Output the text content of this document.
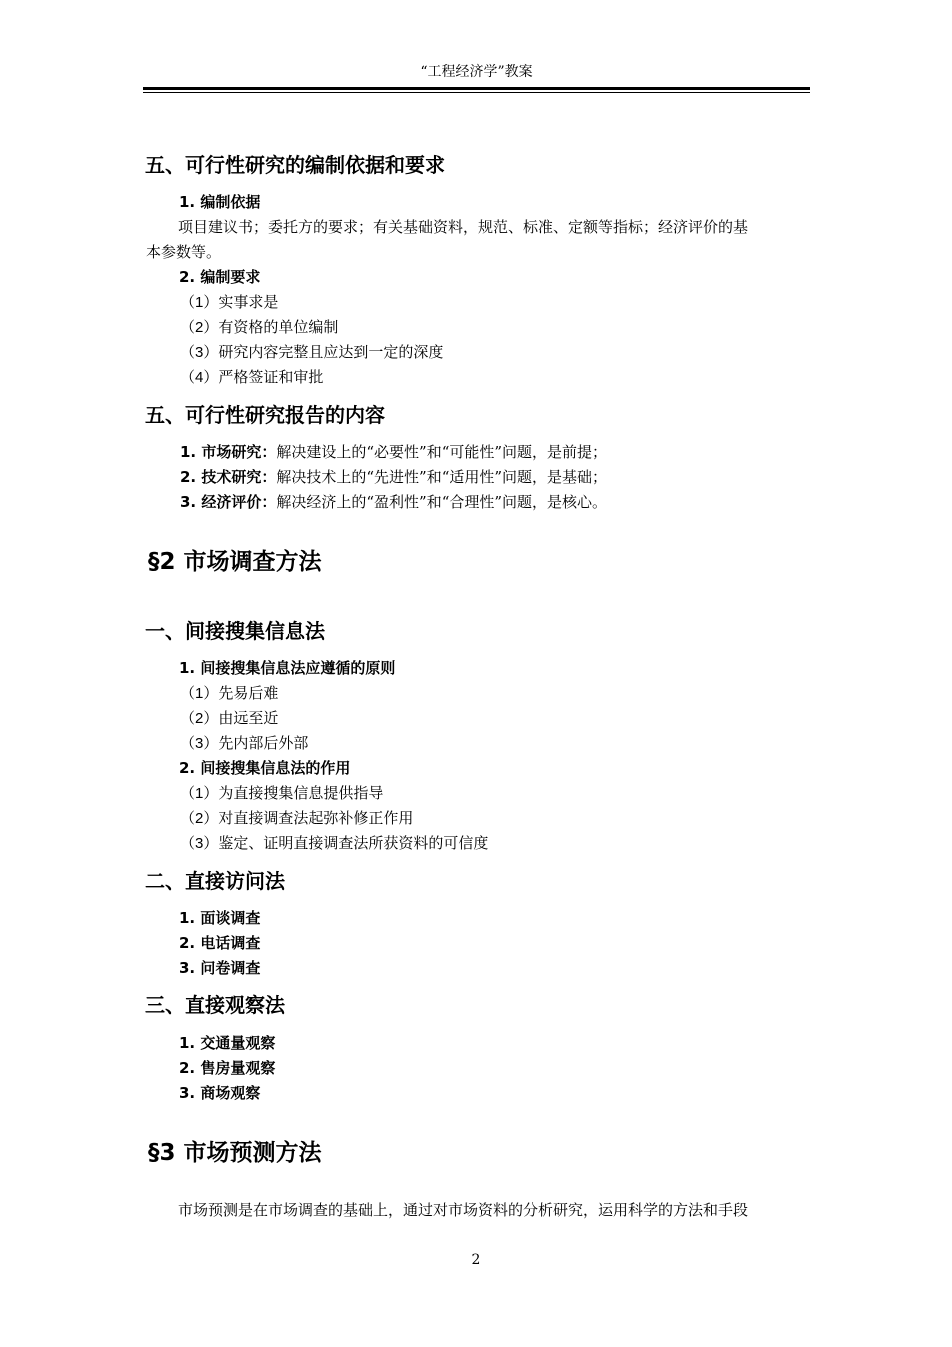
“工程经济学”教案
五、可行性研究的编制依据和要求
1. 编制依据
项目建议书；委托方的要求；有关基础资料，规范、标准、定额等指标；经济评价的基
本参数等。
2. 编制要求
（1）实事求是
（2）有资格的单位编制
（3）研究内容完整且应达到一定的深度
（4）严格签证和审批
五、可行性研究报告的内容
1. 市场研究：解决建设上的“必要性”和“可能性”问题，是前提；
2. 技术研究：解决技术上的“先进性”和“适用性”问题，是基础；
3. 经济评价：解决经济上的“盈利性”和“合理性”问题，是核心。
§2 市场调查方法
一、间接搜集信息法
1. 间接搜集信息法应遵循的原则
（1）先易后难
（2）由远至近
（3）先内部后外部
2. 间接搜集信息法的作用
（1）为直接搜集信息提供指导
（2）对直接调查法起弥补修正作用
（3）鉴定、证明直接调查法所获资料的可信度
二、直接访问法
1. 面谈调查
2. 电话调查
3. 问卷调查
三、直接观察法
1. 交通量观察
2. 售房量观察
3. 商场观察
§3 市场预测方法
市场预测是在市场调查的基础上，通过对市场资料的分析研究，运用科学的方法和手段
2
